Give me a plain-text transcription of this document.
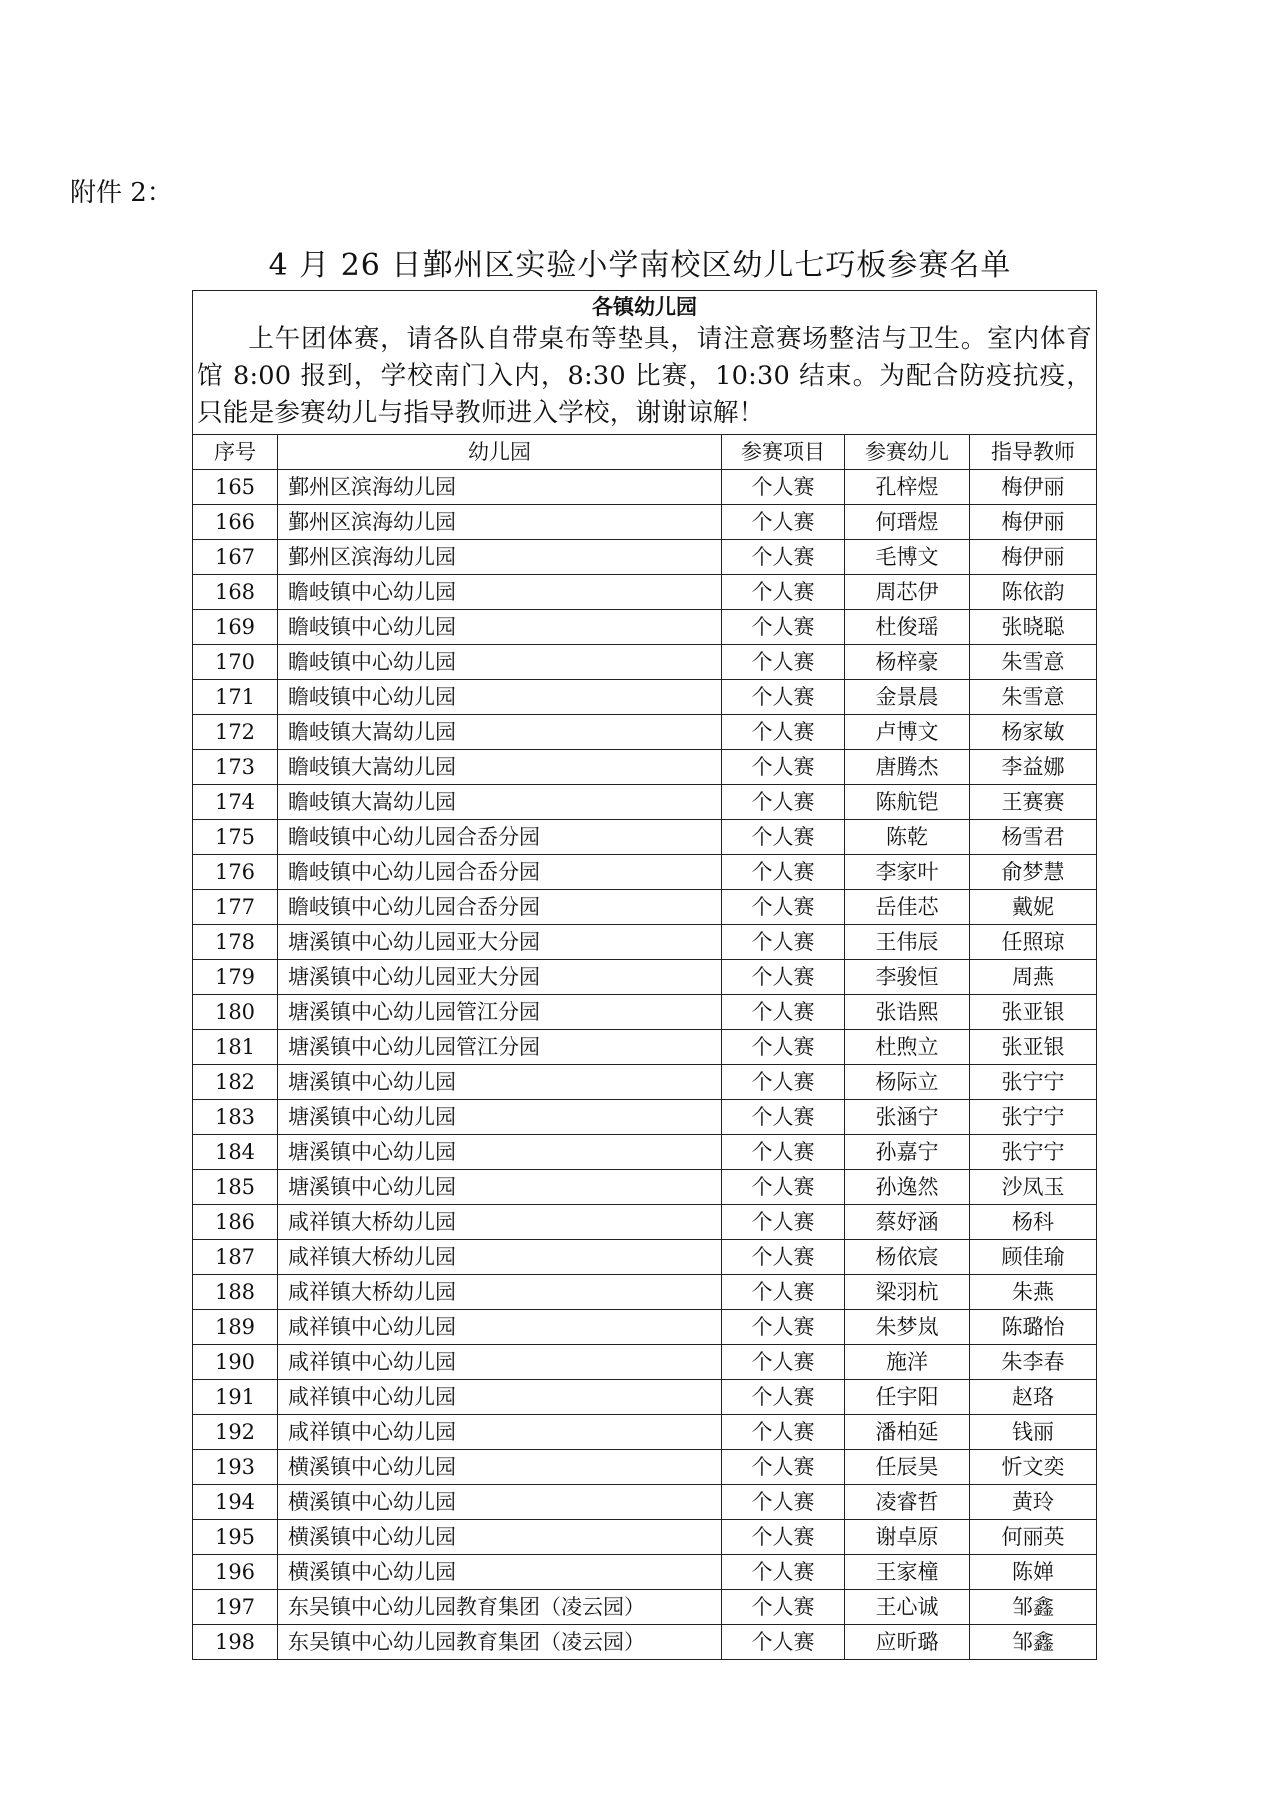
附件 2：
4 月 26 日鄞州区实验小学南校区幼儿七巧板参赛名单
各镇幼儿园
上午团体赛，请各队自带桌布等垫具，请注意赛场整洁与卫生。室内体育馆 8:00 报到，学校南门入内，8:30 比赛，10:30 结束。为配合防疫抗疫，只能是参赛幼儿与指导教师进入学校，谢谢谅解！				

序号	幼儿园	参赛项目	参赛幼儿	指导教师
165	鄞州区滨海幼儿园	个人赛	孔梓煜	梅伊丽
166	鄞州区滨海幼儿园	个人赛	何瑨煜	梅伊丽
167	鄞州区滨海幼儿园	个人赛	毛博文	梅伊丽
168	瞻岐镇中心幼儿园	个人赛	周芯伊	陈依韵
169	瞻岐镇中心幼儿园	个人赛	杜俊瑶	张晓聪
170	瞻岐镇中心幼儿园	个人赛	杨梓豪	朱雪意
171	瞻岐镇中心幼儿园	个人赛	金景晨	朱雪意
172	瞻岐镇大嵩幼儿园	个人赛	卢博文	杨家敏
173	瞻岐镇大嵩幼儿园	个人赛	唐腾杰	李益娜
174	瞻岐镇大嵩幼儿园	个人赛	陈航铠	王赛赛
175	瞻岐镇中心幼儿园合岙分园	个人赛	陈乾	杨雪君
176	瞻岐镇中心幼儿园合岙分园	个人赛	李家叶	俞梦慧
177	瞻岐镇中心幼儿园合岙分园	个人赛	岳佳芯	戴妮
178	塘溪镇中心幼儿园亚大分园	个人赛	王伟辰	任照琼
179	塘溪镇中心幼儿园亚大分园	个人赛	李骏恒	周燕
180	塘溪镇中心幼儿园管江分园	个人赛	张诰熙	张亚银
181	塘溪镇中心幼儿园管江分园	个人赛	杜煦立	张亚银
182	塘溪镇中心幼儿园	个人赛	杨际立	张宁宁
183	塘溪镇中心幼儿园	个人赛	张涵宁	张宁宁
184	塘溪镇中心幼儿园	个人赛	孙嘉宁	张宁宁
185	塘溪镇中心幼儿园	个人赛	孙逸然	沙凤玉
186	咸祥镇大桥幼儿园	个人赛	蔡妤涵	杨科
187	咸祥镇大桥幼儿园	个人赛	杨依宸	顾佳瑜
188	咸祥镇大桥幼儿园	个人赛	梁羽杭	朱燕
189	咸祥镇中心幼儿园	个人赛	朱梦岚	陈璐怡
190	咸祥镇中心幼儿园	个人赛	施洋	朱李春
191	咸祥镇中心幼儿园	个人赛	任宇阳	赵珞
192	咸祥镇中心幼儿园	个人赛	潘柏延	钱丽
193	横溪镇中心幼儿园	个人赛	任辰昊	忻文奕
194	横溪镇中心幼儿园	个人赛	凌睿哲	黄玲
195	横溪镇中心幼儿园	个人赛	谢卓原	何丽英
196	横溪镇中心幼儿园	个人赛	王家橦	陈婵
197	东吴镇中心幼儿园教育集团（凌云园）	个人赛	王心诚	邹鑫
198	东吴镇中心幼儿园教育集团（凌云园）	个人赛	应昕璐	邹鑫
